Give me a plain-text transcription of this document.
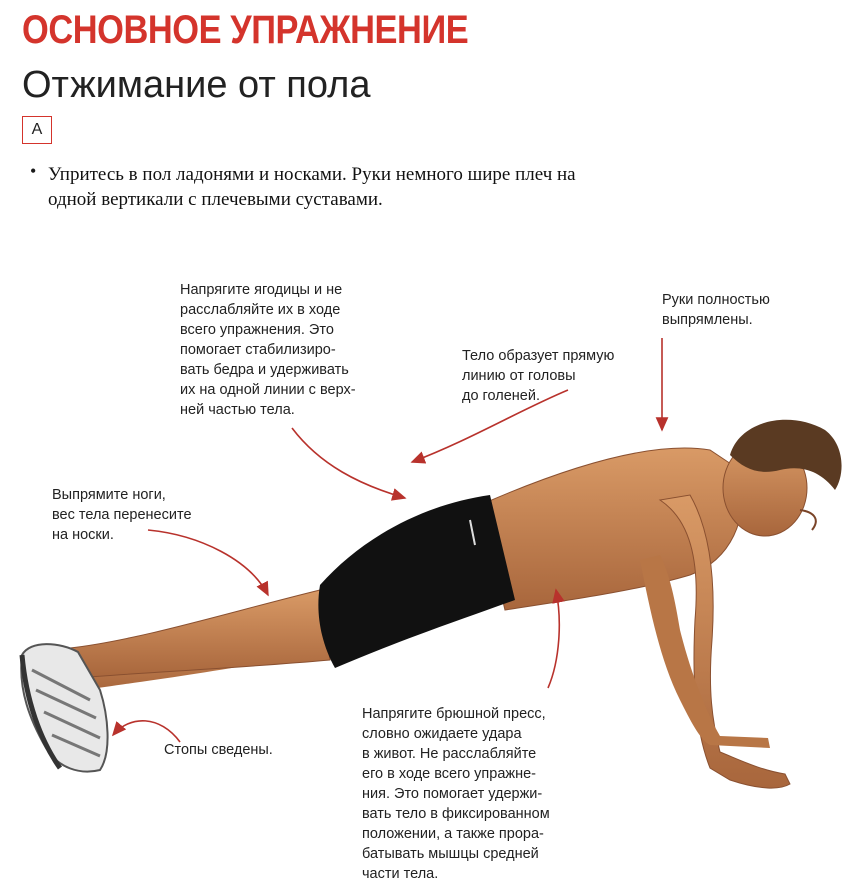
ОСНОВНОЕ УПРАЖНЕНИЕ
Отжимание от пола
A
• Упритесь в пол ладонями и носками. Руки немного шире плеч на одной вертикали с плечевыми суставами.
Напрягите ягодицы и не
расслабляйте их в ходе
всего упражнения. Это
помогает стабилизиро-
вать бедра и удерживать
их на одной линии с верх-
ней частью тела.
Руки полностью
выпрямлены.
Тело образует прямую
линию от головы
до голеней.
Выпрямите ноги,
вес тела перенесите
на носки.
Стопы сведены.
Напрягите брюшной пресс,
словно ожидаете удара
в живот. Не расслабляйте
его в ходе всего упражне-
ния. Это помогает удержи-
вать тело в фиксированном
положении, а также прора-
батывать мышцы средней
части тела.
